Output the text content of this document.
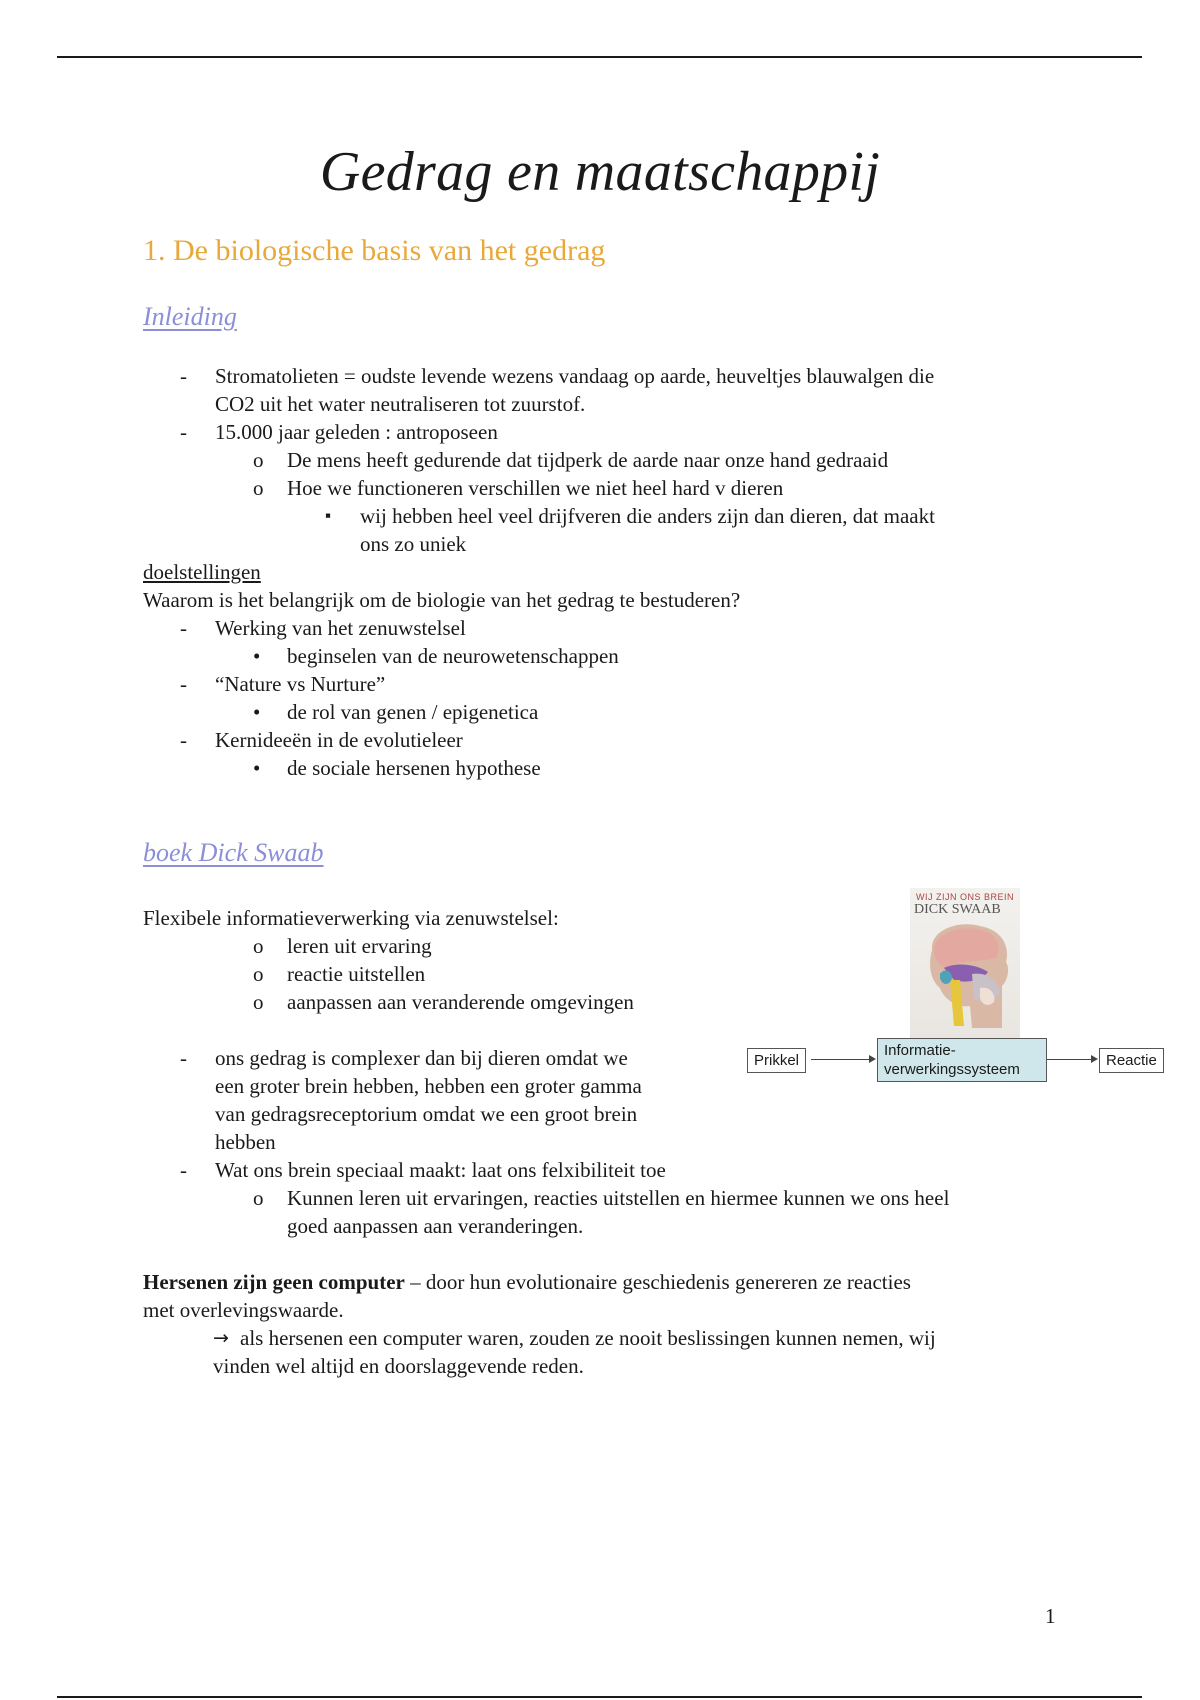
Gedrag en maatschappij
1. De biologische basis van het gedrag
Inleiding
- Stromatolieten = oudste levende wezens vandaag op aarde, heuveltjes blauwalgen die
CO2 uit het water neutraliseren tot zuurstof.
- 15.000 jaar geleden : antroposeen
o De mens heeft gedurende dat tijdperk de aarde naar onze hand gedraaid
o Hoe we functioneren verschillen we niet heel hard v dieren
▪ wij hebben heel veel drijfveren die anders zijn dan dieren, dat maakt
ons zo uniek
doelstellingen
Waarom is het belangrijk om de biologie van het gedrag te bestuderen?
- Werking van het zenuwstelsel
• beginselen van de neurowetenschappen
- “Nature vs Nurture”
• de rol van genen / epigenetica
- Kernideeën in de evolutieleer
• de sociale hersenen hypothese
boek Dick Swaab
Flexibele informatieverwerking via zenuwstelsel:
o leren uit ervaring
o reactie uitstellen
o aanpassen aan veranderende omgevingen
- ons gedrag is complexer dan bij dieren omdat we
een groter brein hebben, hebben een groter gamma
van gedragsreceptorium omdat we een groot brein
hebben
- Wat ons brein speciaal maakt: laat ons felxibiliteit toe
o Kunnen leren uit ervaringen, reacties uitstellen en hiermee kunnen we ons heel
goed aanpassen aan veranderingen.
WIJ ZIJN ONS BREIN
DICK SWAAB
Prikkel
Informatie-
verwerkingssysteem
Reactie
Hersenen zijn geen computer – door hun evolutionaire geschiedenis genereren ze reacties
met overlevingswaarde.
→ als hersenen een computer waren, zouden ze nooit beslissingen kunnen nemen, wij
vinden wel altijd en doorslaggevende reden.
1
